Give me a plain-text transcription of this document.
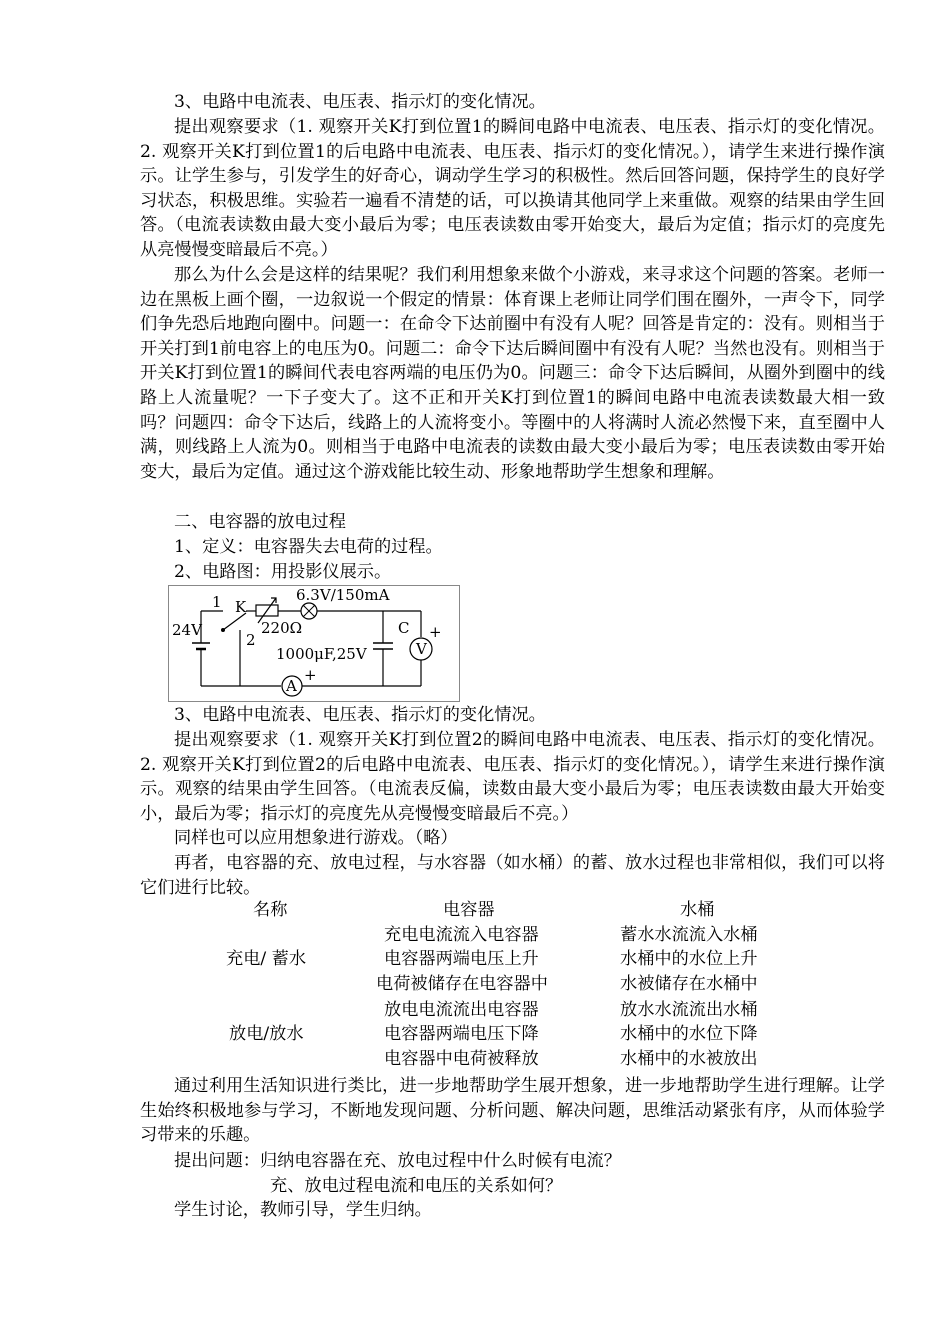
3、电路中电流表、电压表、指示灯的变化情况。

提出观察要求（1. 观察开关K打到位置1的瞬间电路中电流表、电压表、指示灯的变化情况。2. 观察开关K打到位置1的后电路中电流表、电压表、指示灯的变化情况。），请学生来进行操作演示。让学生参与，引发学生的好奇心，调动学生学习的积极性。然后回答问题，保持学生的良好学习状态，积极思维。实验若一遍看不清楚的话，可以换请其他同学上来重做。观察的结果由学生回答。（电流表读数由最大变小最后为零；电压表读数由零开始变大，最后为定值；指示灯的亮度先从亮慢慢变暗最后不亮。）

那么为什么会是这样的结果呢？我们利用想象来做个小游戏，来寻求这个问题的答案。老师一边在黑板上画个圈，一边叙说一个假定的情景：体育课上老师让同学们围在圈外，一声令下，同学们争先恐后地跑向圈中。问题一：在命令下达前圈中有没有人呢？回答是肯定的：没有。则相当于开关打到1前电容上的电压为0。问题二：命令下达后瞬间圈中有没有人呢？当然也没有。则相当于开关K打到位置1的瞬间代表电容两端的电压仍为0。问题三：命令下达后瞬间，从圈外到圈中的线路上人流量呢？一下子变大了。这不正和开关K打到位置1的瞬间电路中电流表读数最大相一致吗？问题四：命令下达后，线路上的人流将变小。等圈中的人将满时人流必然慢下来，直至圈中人满，则线路上人流为0。则相当于电路中电流表的读数由最大变小最后为零；电压表读数由零开始变大，最后为定值。通过这个游戏能比较生动、形象地帮助学生想象和理解。

二、电容器的放电过程

1、定义：电容器失去电荷的过程。

2、电路图：用投影仪展示。

A
+
24V
1 K
2
220Ω
6.3V/150mA
C
1000μF,25V	V
+

3、电路中电流表、电压表、指示灯的变化情况。

提出观察要求（1. 观察开关K打到位置2的瞬间电路中电流表、电压表、指示灯的变化情况。2. 观察开关K打到位置2的后电路中电流表、电压表、指示灯的变化情况。），请学生来进行操作演示。观察的结果由学生回答。（电流表反偏，读数由最大变小最后为零；电压表读数由最大开始变小，最后为零；指示灯的亮度先从亮慢慢变暗最后不亮。）

同样也可以应用想象进行游戏。（略）

再者，电容器的充、放电过程，与水容器（如水桶）的蓄、放水过程也非常相似，我们可以将它们进行比较。

名称	电容器	水桶
充电/ 蓄水
充电电流流入电容器	蓄水水流流入水桶
电容器两端电压上升	水桶中的水位上升
电荷被储存在电容器中	水被储存在水桶中
放电/放水
放电电流流出电容器	放水水流流出水桶
电容器两端电压下降	水桶中的水位下降
电容器中电荷被释放	水桶中的水被放出

通过利用生活知识进行类比，进一步地帮助学生展开想象，进一步地帮助学生进行理解。让学生始终积极地参与学习，不断地发现问题、分析问题、解决问题，思维活动紧张有序，从而体验学习带来的乐趣。

提出问题：归纳电容器在充、放电过程中什么时候有电流？

充、放电过程电流和电压的关系如何？

学生讨论，教师引导，学生归纳。
